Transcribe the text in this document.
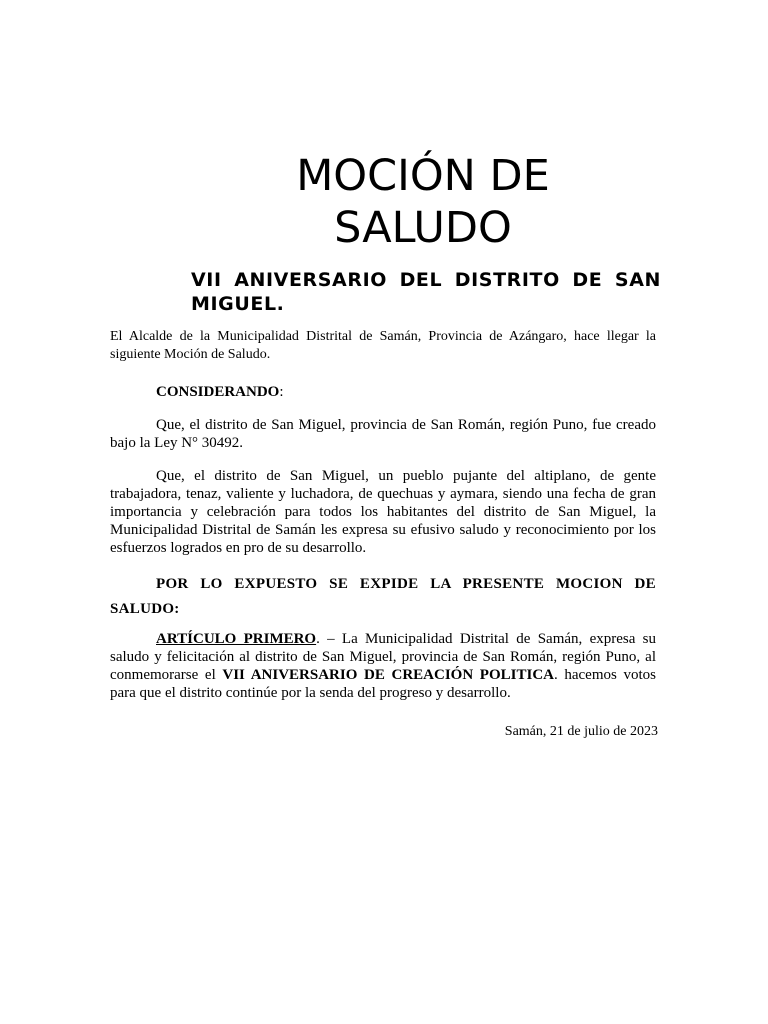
MOCIÓN DE
SALUDO
VII ANIVERSARIO DEL DISTRITO DE SAN MIGUEL.

El Alcalde de la Municipalidad Distrital de Samán, Provincia de Azángaro, hace llegar la siguiente Moción de Saludo.

CONSIDERANDO:

Que, el distrito de San Miguel, provincia de San Román, región Puno, fue creado bajo la Ley N° 30492.

Que, el distrito de San Miguel, un pueblo pujante del altiplano, de gente trabajadora, tenaz, valiente y luchadora, de quechuas y aymara, siendo una fecha de gran importancia y celebración para todos los habitantes del distrito de San Miguel, la Municipalidad Distrital de Samán les expresa su efusivo saludo y reconocimiento por los esfuerzos logrados en pro de su desarrollo.

POR LO EXPUESTO SE EXPIDE LA PRESENTE MOCION DE SALUDO:

ARTÍCULO PRIMERO. – La Municipalidad Distrital de Samán, expresa su saludo y felicitación al distrito de San Miguel, provincia de San Román, región Puno, al conmemorarse el VII ANIVERSARIO DE CREACIÓN POLITICA. hacemos votos para que el distrito continúe por la senda del progreso y desarrollo.

Samán, 21 de julio de 2023
